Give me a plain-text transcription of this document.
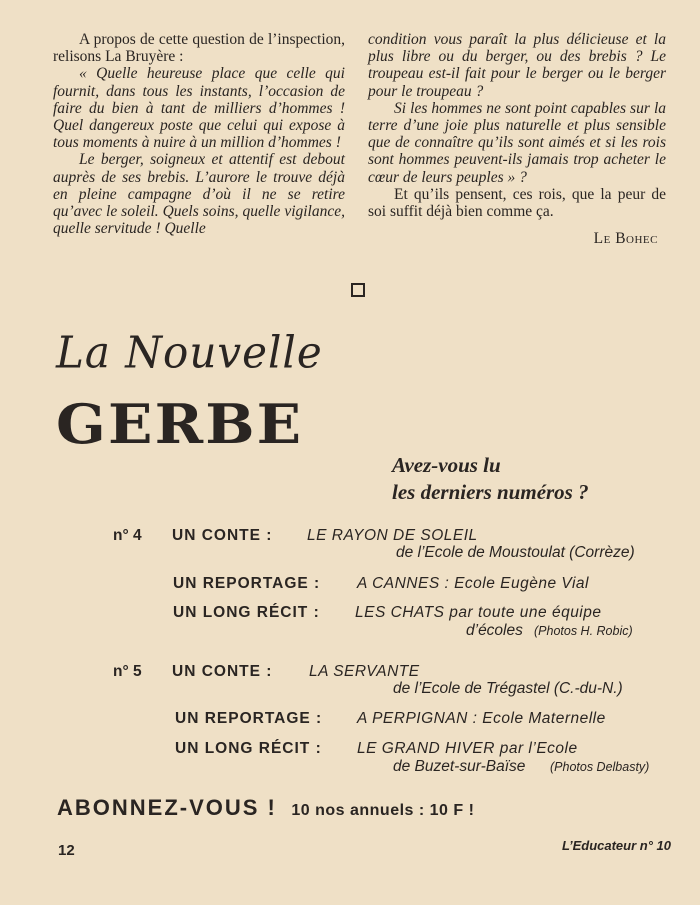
A propos de cette question de l’inspection, relisons La Bruyère :

« Quelle heureuse place que celle qui fournit, dans tous les instants, l’occasion de faire du bien à tant de milliers d’hommes ! Quel dangereux poste que celui qui expose à tous moments à nuire à un million d’hommes !

Le berger, soigneux et attentif est debout auprès de ses brebis. L’aurore le trouve déjà en pleine campagne d’où il ne se retire qu’avec le soleil. Quels soins, quelle vigilance, quelle servitude ! Quelle

condition vous paraît la plus délicieuse et la plus libre ou du berger, ou des brebis ? Le troupeau est-il fait pour le berger ou le berger pour le troupeau ?

Si les hommes ne sont point capables sur la terre d’une joie plus naturelle et plus sensible que de connaître qu’ils sont aimés et si les rois sont hommes peuvent-ils jamais trop acheter le cœur de leurs peuples » ?

Et qu’ils pensent, ces rois, que la peur de soi suffit déjà bien comme ça.

Le Bohec

La Nouvelle
GERBE
Avez-vous lu
les derniers numéros ?
n° 4 UN CONTE : LE RAYON DE SOLEIL
de l’Ecole de Moustoulat (Corrèze)
UN REPORTAGE : A CANNES : Ecole Eugène Vial
UN LONG RÉCIT : LES CHATS par toute une équipe
d’écoles (Photos H. Robic)
n° 5 UN CONTE : LA SERVANTE
de l’Ecole de Trégastel (C.-du-N.)
UN REPORTAGE : A PERPIGNAN : Ecole Maternelle
UN LONG RÉCIT : LE GRAND HIVER par l’Ecole
de Buzet-sur-Baïse (Photos Delbasty)
ABONNEZ-VOUS ! 10 nos annuels : 10 F !
12	L’Educateur n° 10
